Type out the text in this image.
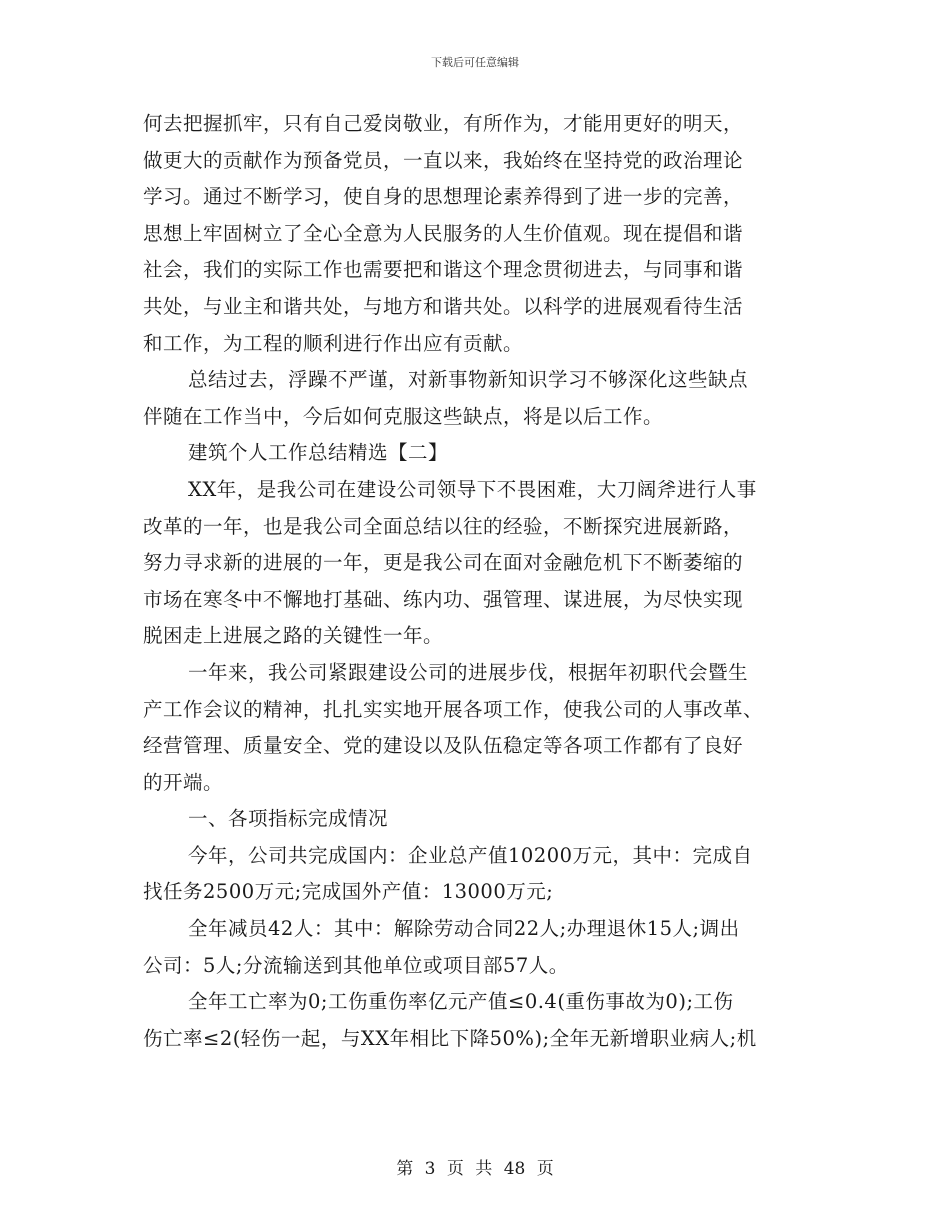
下载后可任意编辑
何去把握抓牢，只有自己爱岗敬业，有所作为，才能用更好的明天，
做更大的贡献作为预备党员，一直以来，我始终在坚持党的政治理论
学习。通过不断学习，使自身的思想理论素养得到了进一步的完善，
思想上牢固树立了全心全意为人民服务的人生价值观。现在提倡和谐
社会，我们的实际工作也需要把和谐这个理念贯彻进去，与同事和谐
共处，与业主和谐共处，与地方和谐共处。以科学的进展观看待生活
和工作，为工程的顺利进行作出应有贡献。
总结过去，浮躁不严谨，对新事物新知识学习不够深化这些缺点
伴随在工作当中，今后如何克服这些缺点，将是以后工作。
建筑个人工作总结精选【二】
XX年，是我公司在建设公司领导下不畏困难，大刀阔斧进行人事
改革的一年，也是我公司全面总结以往的经验，不断探究进展新路，
努力寻求新的进展的一年，更是我公司在面对金融危机下不断萎缩的
市场在寒冬中不懈地打基础、练内功、强管理、谋进展，为尽快实现
脱困走上进展之路的关键性一年。
一年来，我公司紧跟建设公司的进展步伐，根据年初职代会暨生
产工作会议的精神，扎扎实实地开展各项工作，使我公司的人事改革、
经营管理、质量安全、党的建设以及队伍稳定等各项工作都有了良好
的开端。
一、各项指标完成情况
今年，公司共完成国内：企业总产值10200万元，其中：完成自
找任务2500万元;完成国外产值：13000万元;
全年减员42人：其中：解除劳动合同22人;办理退休15人;调出
公司：5人;分流输送到其他单位或项目部57人。
全年工亡率为0;工伤重伤率亿元产值≤0.4(重伤事故为0);工伤
伤亡率≤2(轻伤一起，与XX年相比下降50%);全年无新增职业病人;机
第 3 页 共 48 页
